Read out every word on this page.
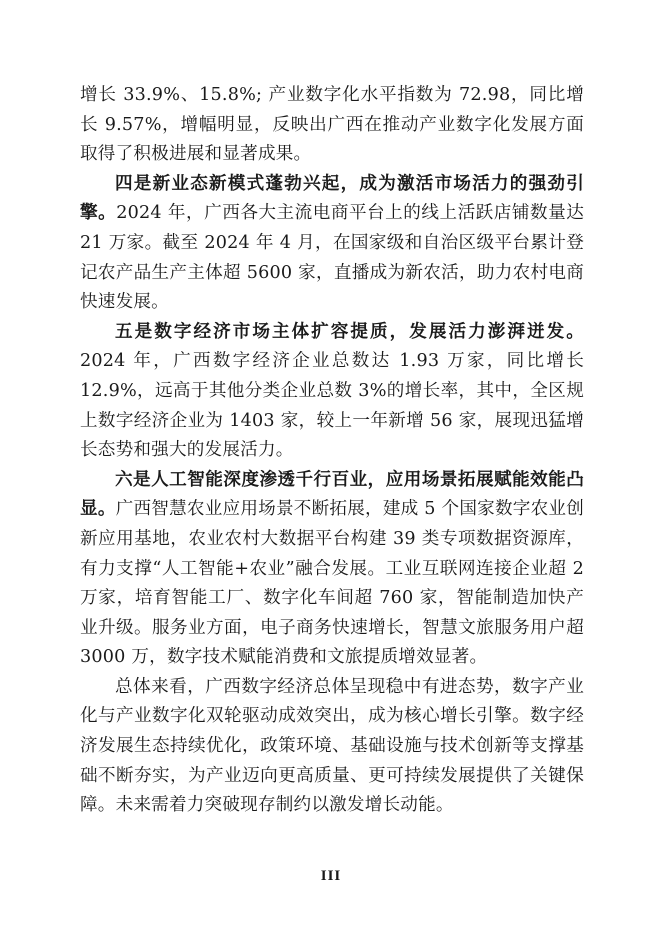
增长 33.9%、15.8%; 产业数字化水平指数为 72.98，同比增长 9.57%，增幅明显，反映出广西在推动产业数字化发展方面取得了积极进展和显著成果。

四是新业态新模式蓬勃兴起，成为激活市场活力的强劲引擎。2024 年，广西各大主流电商平台上的线上活跃店铺数量达 21 万家。截至 2024 年 4 月，在国家级和自治区级平台累计登记农产品生产主体超 5600 家，直播成为新农活，助力农村电商快速发展。

五是数字经济市场主体扩容提质，发展活力澎湃迸发。2024 年，广西数字经济企业总数达 1.93 万家，同比增长 12.9%，远高于其他分类企业总数 3%的增长率，其中，全区规上数字经济企业为 1403 家，较上一年新增 56 家，展现迅猛增长态势和强大的发展活力。

六是人工智能深度渗透千行百业，应用场景拓展赋能效能凸显。广西智慧农业应用场景不断拓展，建成 5 个国家数字农业创新应用基地，农业农村大数据平台构建 39 类专项数据资源库，有力支撑“人工智能+农业”融合发展。工业互联网连接企业超 2 万家，培育智能工厂、数字化车间超 760 家，智能制造加快产业升级。服务业方面，电子商务快速增长，智慧文旅服务用户超 3000 万，数字技术赋能消费和文旅提质增效显著。

总体来看，广西数字经济总体呈现稳中有进态势，数字产业化与产业数字化双轮驱动成效突出，成为核心增长引擎。数字经济发展生态持续优化，政策环境、基础设施与技术创新等支撑基础不断夯实，为产业迈向更高质量、更可持续发展提供了关键保障。未来需着力突破现存制约以激发增长动能。

III
